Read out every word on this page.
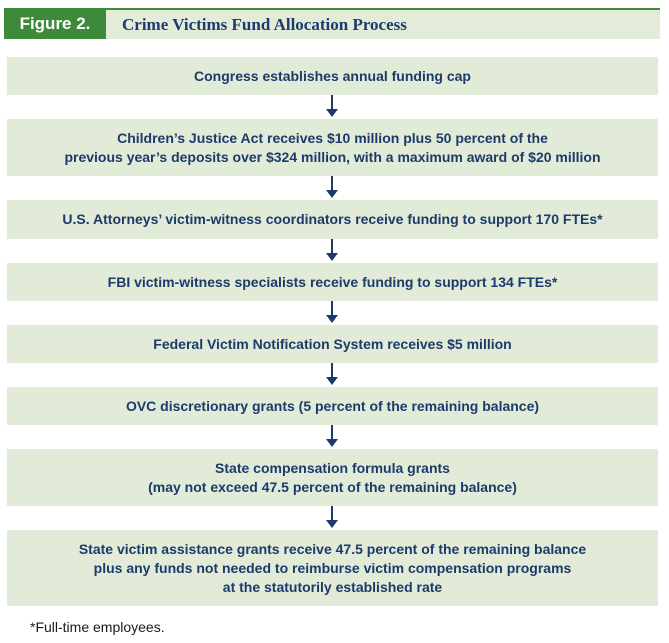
Figure 2.	Crime Victims Fund Allocation Process
Congress establishes annual funding cap
Children’s Justice Act receives $10 million plus 50 percent of the
previous year’s deposits over $324 million, with a maximum award of $20 million
U.S. Attorneys’ victim-witness coordinators receive funding to support 170 FTEs*
FBI victim-witness specialists receive funding to support 134 FTEs*
Federal Victim Notification System receives $5 million
OVC discretionary grants (5 percent of the remaining balance)
State compensation formula grants
(may not exceed 47.5 percent of the remaining balance)
State victim assistance grants receive 47.5 percent of the remaining balance
plus any funds not needed to reimburse victim compensation programs
at the statutorily established rate
*Full-time employees.
